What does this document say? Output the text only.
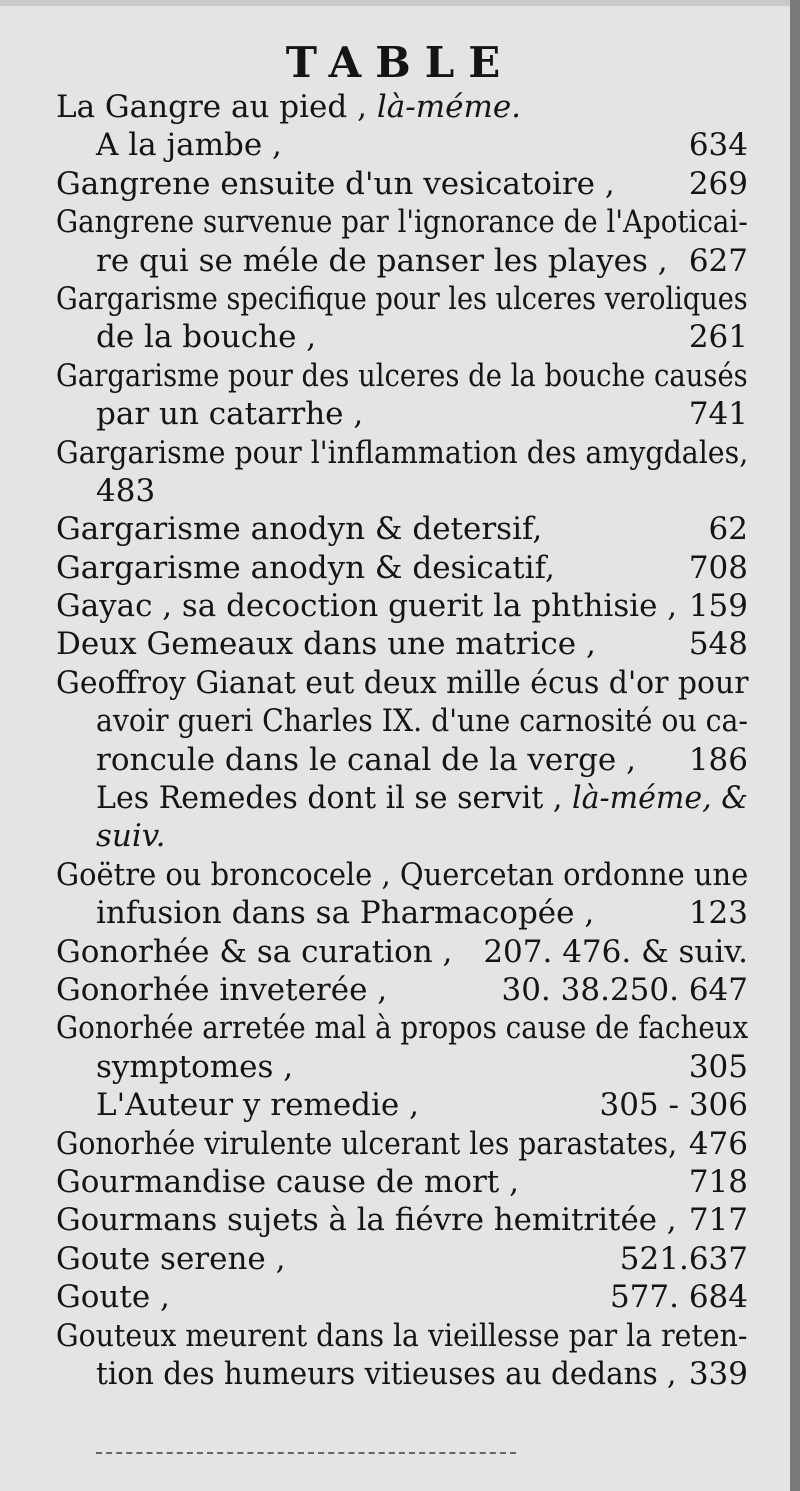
TABLE
La Gangre au pied , là-méme.
A la jambe ,	634
Gangrene ensuite d'un vesicatoire , 269
Gangrene survenue par l'ignorance de l'Apoticai-
re qui se méle de panser les playes , 627
Gargarisme specifique pour les ulceres veroliques
de la bouche ,	261
Gargarisme pour des ulceres de la bouche causés
par un catarrhe ,	741
Gargarisme pour l'inflammation des amygdales,
483
Gargarisme anodyn & detersif,	62
Gargarisme anodyn & desicatif,	708
Gayac , sa decoction guerit la phthisie , 159
Deux Gemeaux dans une matrice ,	548
Geoffroy Gianat eut deux mille écus d'or pour
avoir gueri Charles IX. d'une carnosité ou ca-
roncule dans le canal de la verge , 186
Les Remedes dont il se servit , là-méme, &
suiv.
Goëtre ou broncocele , Quercetan ordonne une
infusion dans sa Pharmacopée ,	123
Gonorhée & sa curation , 207. 476. & suiv.
Gonorhée inveterée ,	30. 38.250. 647
Gonorhée arretée mal à propos cause de facheux
symptomes ,	305
L'Auteur y remedie ,	305 - 306
Gonorhée virulente ulcerant les parastates, 476
Gourmandise cause de mort ,	718
Gourmans sujets à la fiévre hemitritée , 717
Goute serene ,	521.637
Goute ,	577. 684
Gouteux meurent dans la vieillesse par la reten-
tion des humeurs vitieuses au dedans , 339
